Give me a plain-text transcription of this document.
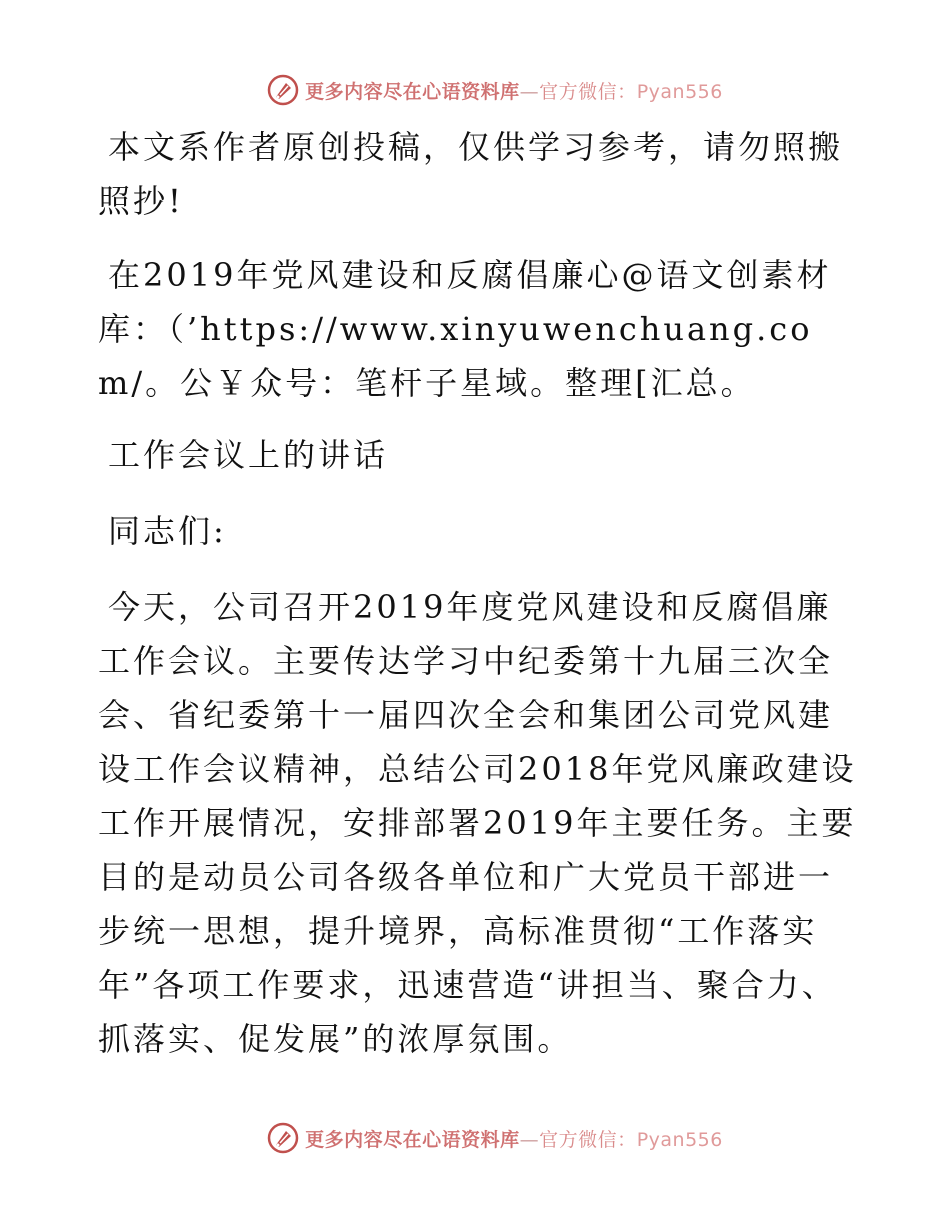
更多内容尽在心语资料库—官方微信：Pyan556

本文系作者原创投稿，仅供学习参考，请勿照搬照抄!

在2019年党风建设和反腐倡廉心@语文创素材库：（’https://www.xinyuwenchuang.com/。公￥众号：笔杆子星域。整理[汇总。

工作会议上的讲话

同志们:

今天，公司召开2019年度党风建设和反腐倡廉工作会议。主要传达学习中纪委第十九届三次全会、省纪委第十一届四次全会和集团公司党风建设工作会议精神，总结公司2018年党风廉政建设工作开展情况，安排部署2019年主要任务。主要目的是动员公司各级各单位和广大党员干部进一步统一思想，提升境界，高标准贯彻“工作落实年”各项工作要求，迅速营造“讲担当、聚合力、抓落实、促发展”的浓厚氛围。

更多内容尽在心语资料库—官方微信：Pyan556
